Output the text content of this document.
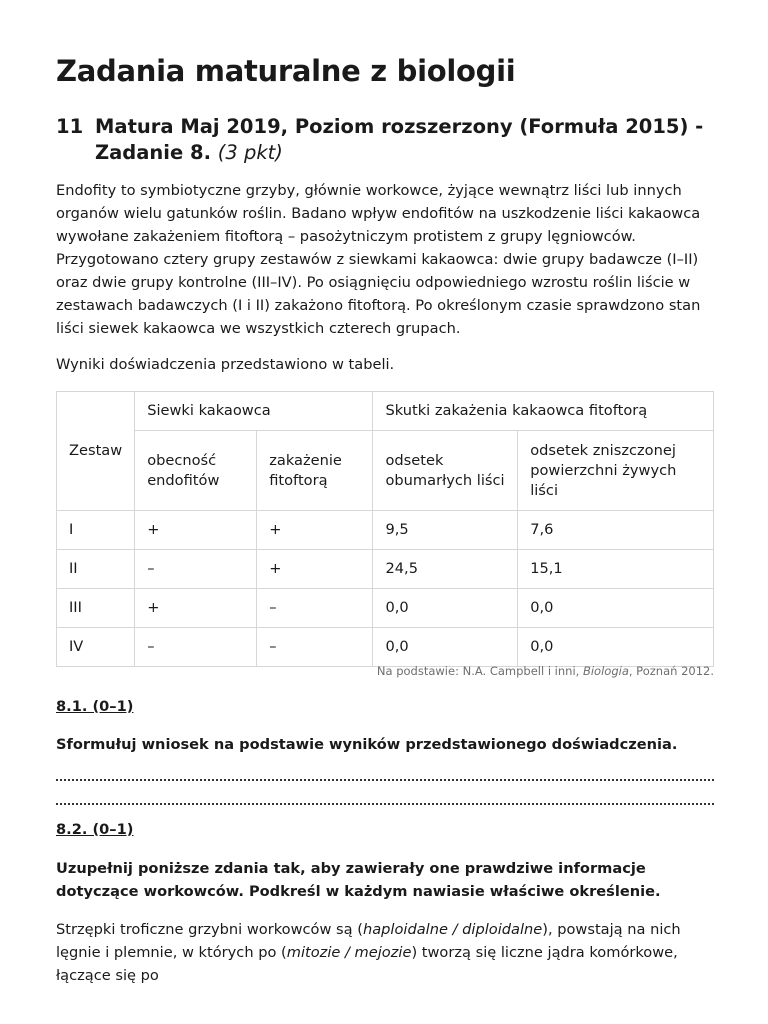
Zadania maturalne z biologii
11 Matura Maj 2019, Poziom rozszerzony (Formuła 2015) - Zadanie 8. (3 pkt)

Endofity to symbiotyczne grzyby, głównie workowce, żyjące wewnątrz liści lub innych organów wielu gatunków roślin. Badano wpływ endofitów na uszkodzenie liści kakaowca wywołane zakażeniem fitoftorą – pasożytniczym protistem z grupy lęgniowców. Przygotowano cztery grupy zestawów z siewkami kakaowca: dwie grupy badawcze (I–II) oraz dwie grupy kontrolne (III–IV). Po osiągnięciu odpowiedniego wzrostu roślin liście w zestawach badawczych (I i II) zakażono fitoftorą. Po określonym czasie sprawdzono stan liści siewek kakaowca we wszystkich czterech grupach.

Wyniki doświadczenia przedstawiono w tabeli.

Zestaw	Siewki kakaowca		Skutki zakażenia kakaowca fitoftorą	
	obecność endofitów	zakażenie fitoftorą	odsetek obumarłych liści	odsetek zniszczonej powierzchni żywych liści
I	+	+	9,5	7,6
II	–	+	24,5	15,1
III	+	–	0,0	0,0
IV	–	–	0,0	0,0
Na podstawie: N.A. Campbell i inni, Biologia, Poznań 2012.
8.1. (0–1)

Sformułuj wniosek na podstawie wyników przedstawionego doświadczenia.

8.2. (0–1)

Uzupełnij poniższe zdania tak, aby zawierały one prawdziwe informacje dotyczące workowców. Podkreśl w każdym nawiasie właściwe określenie.

Strzępki troficzne grzybni workowców są (haploidalne / diploidalne), powstają na nich lęgnie i plemnie, w których po (mitozie / mejozie) tworzą się liczne jądra komórkowe, łączące się po
